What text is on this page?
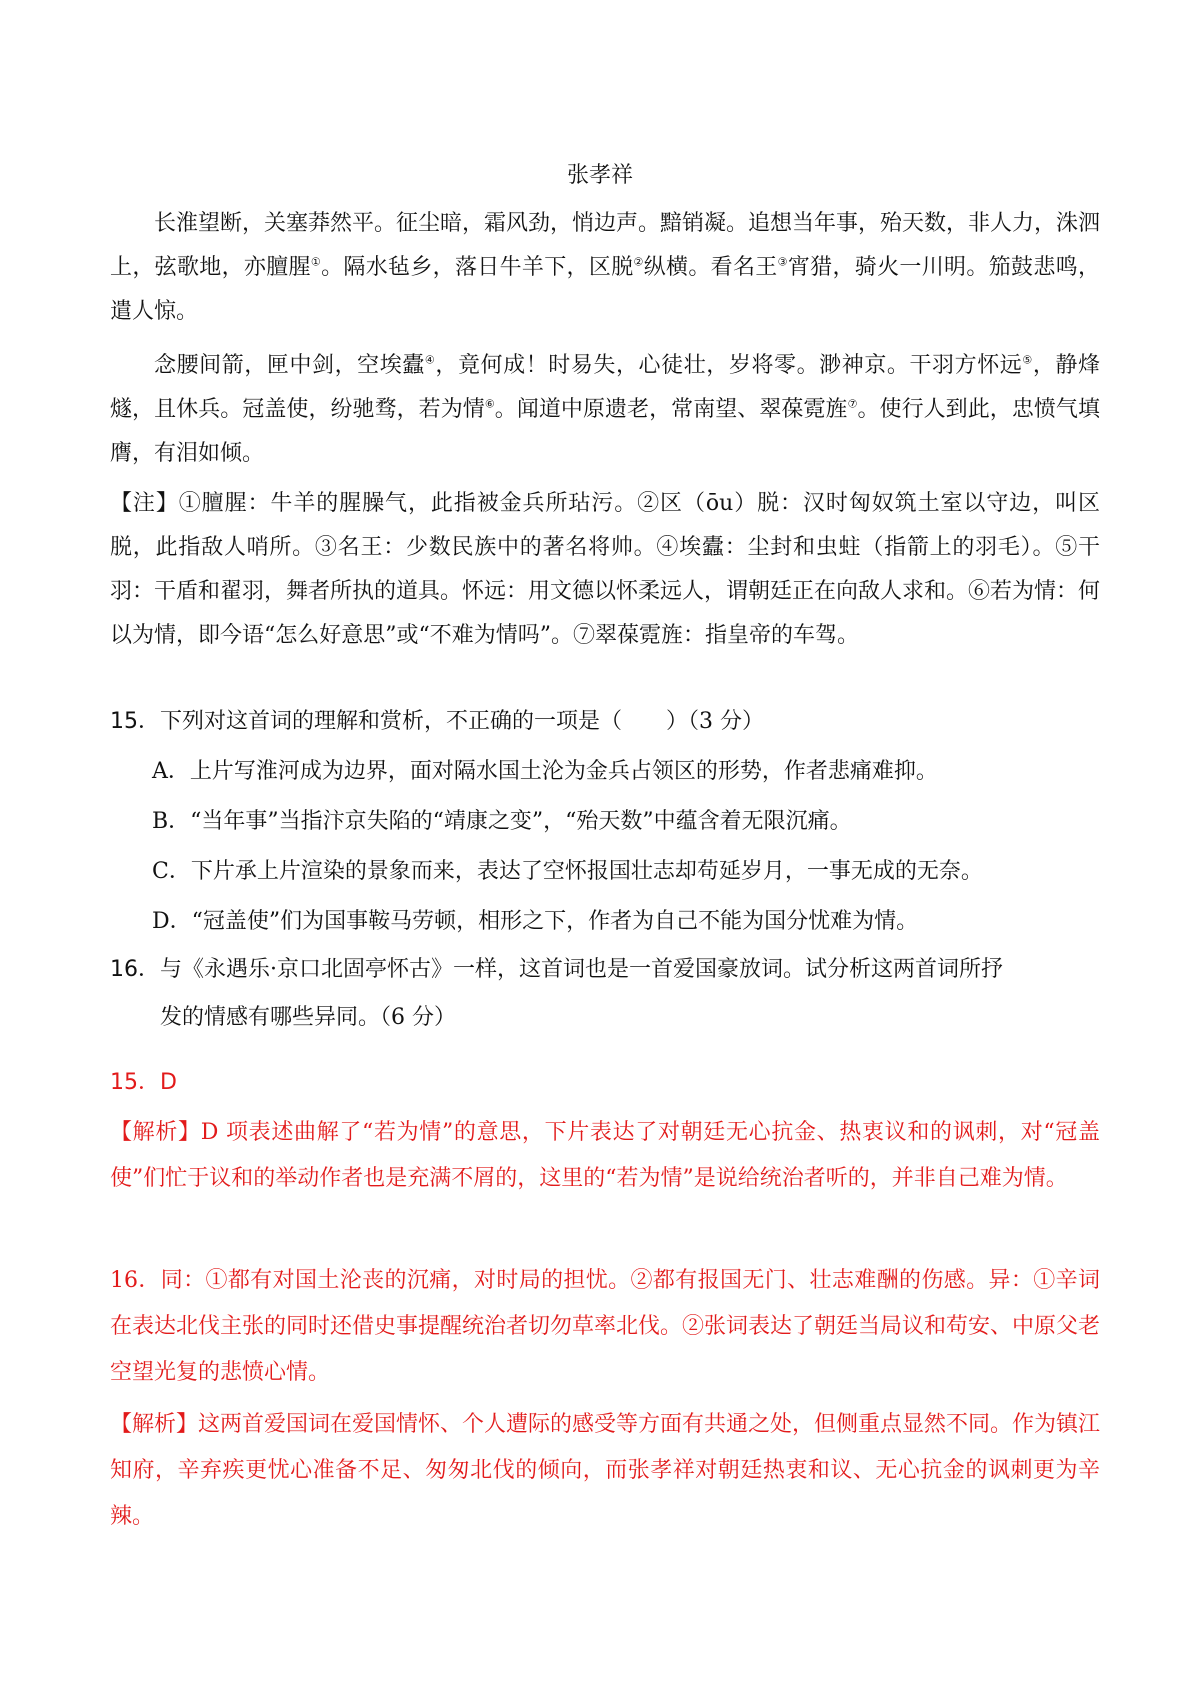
张孝祥
长淮望断，关塞莽然平。征尘暗，霜风劲，悄边声。黯销凝。追想当年事，殆天数，非人力，洙泗上，弦歌地，亦膻腥①。隔水毡乡，落日牛羊下，区脱②纵横。看名王③宵猎，骑火一川明。笳鼓悲鸣，遣人惊。
念腰间箭，匣中剑，空埃蠹④，竟何成！时易失，心徒壮，岁将零。渺神京。干羽方怀远⑤，静烽燧，且休兵。冠盖使，纷驰骛，若为情⑥。闻道中原遗老，常南望、翠葆霓旌⑦。使行人到此，忠愤气填膺，有泪如倾。
【注】①膻腥：牛羊的腥臊气，此指被金兵所玷污。②区（ōu）脱：汉时匈奴筑土室以守边，叫区脱，此指敌人哨所。③名王：少数民族中的著名将帅。④埃蠹：尘封和虫蛀（指箭上的羽毛）。⑤干羽：干盾和翟羽，舞者所执的道具。怀远：用文德以怀柔远人，谓朝廷正在向敌人求和。⑥若为情：何以为情，即今语“怎么好意思”或“不难为情吗”。⑦翠葆霓旌：指皇帝的车驾。
15．下列对这首词的理解和赏析，不正确的一项是（　　）（3 分）
A．上片写淮河成为边界，面对隔水国土沦为金兵占领区的形势，作者悲痛难抑。
B．“当年事”当指汴京失陷的“靖康之变”，“殆天数”中蕴含着无限沉痛。
C．下片承上片渲染的景象而来，表达了空怀报国壮志却苟延岁月，一事无成的无奈。
D．“冠盖使”们为国事鞍马劳顿，相形之下，作者为自己不能为国分忧难为情。
16．与《永遇乐·京口北固亭怀古》一样，这首词也是一首爱国豪放词。试分析这两首词所抒
发的情感有哪些异同。（6 分）
15．D
【解析】D 项表述曲解了“若为情”的意思，下片表达了对朝廷无心抗金、热衷议和的讽刺，对“冠盖使”们忙于议和的举动作者也是充满不屑的，这里的“若为情”是说给统治者听的，并非自己难为情。
16．同：①都有对国土沦丧的沉痛，对时局的担忧。②都有报国无门、壮志难酬的伤感。异：①辛词在表达北伐主张的同时还借史事提醒统治者切勿草率北伐。②张词表达了朝廷当局议和苟安、中原父老空望光复的悲愤心情。
【解析】这两首爱国词在爱国情怀、个人遭际的感受等方面有共通之处，但侧重点显然不同。作为镇江知府，辛弃疾更忧心准备不足、匆匆北伐的倾向，而张孝祥对朝廷热衷和议、无心抗金的讽刺更为辛辣。
